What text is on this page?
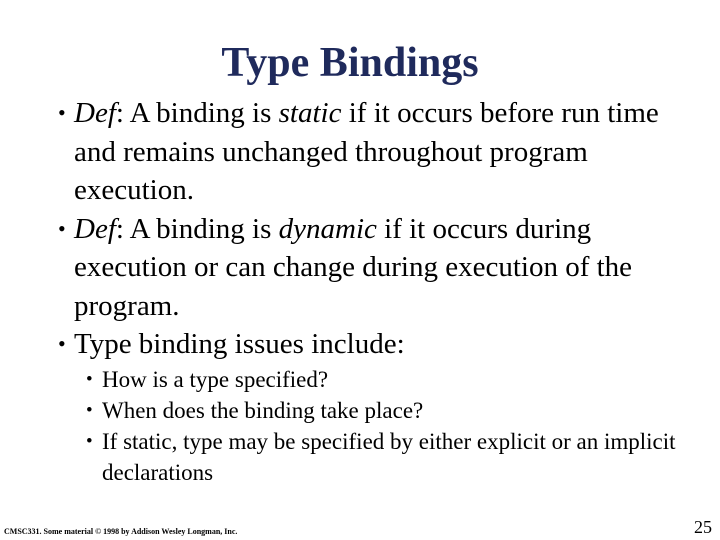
Type Bindings
• Def: A binding is static if it occurs before run time and remains unchanged throughout program execution.
• Def: A binding is dynamic if it occurs during execution or can change during execution of the program.
• Type binding issues include:
• How is a type specified?
• When does the binding take place?
• If static, type may be specified by either explicit or an implicit declarations
CMSC331. Some material © 1998 by Addison Wesley Longman, Inc.	25
